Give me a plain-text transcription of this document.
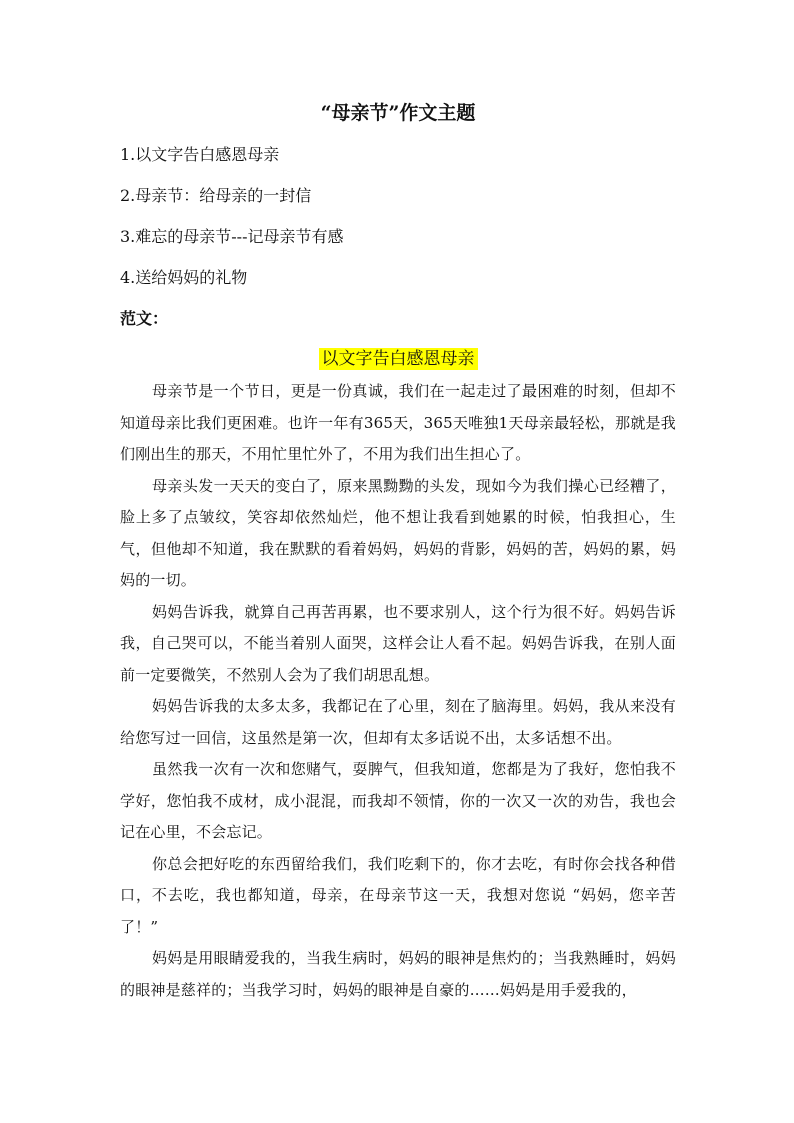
“母亲节”作文主题
1.以文字告白感恩母亲
2.母亲节：给母亲的一封信
3.难忘的母亲节---记母亲节有感
4.送给妈妈的礼物
范文：
以文字告白感恩母亲

母亲节是一个节日，更是一份真诚，我们在一起走过了最困难的时刻，但却不知道母亲比我们更困难。也许一年有365天，365天唯独1天母亲最轻松，那就是我们刚出生的那天，不用忙里忙外了，不用为我们出生担心了。

母亲头发一天天的变白了，原来黑黝黝的头发，现如今为我们操心已经糟了，脸上多了点皱纹，笑容却依然灿烂，他不想让我看到她累的时候，怕我担心，生气，但他却不知道，我在默默的看着妈妈，妈妈的背影，妈妈的苦，妈妈的累，妈妈的一切。

妈妈告诉我，就算自己再苦再累，也不要求别人，这个行为很不好。妈妈告诉我，自己哭可以，不能当着别人面哭，这样会让人看不起。妈妈告诉我，在别人面前一定要微笑，不然别人会为了我们胡思乱想。

妈妈告诉我的太多太多，我都记在了心里，刻在了脑海里。妈妈，我从来没有给您写过一回信，这虽然是第一次，但却有太多话说不出，太多话想不出。

虽然我一次有一次和您赌气，耍脾气，但我知道，您都是为了我好，您怕我不学好，您怕我不成材，成小混混，而我却不领情，你的一次又一次的劝告，我也会记在心里，不会忘记。

你总会把好吃的东西留给我们，我们吃剩下的，你才去吃，有时你会找各种借口，不去吃，我也都知道，母亲，在母亲节这一天，我想对您说 “妈妈，您辛苦了！”

妈妈是用眼睛爱我的，当我生病时，妈妈的眼神是焦灼的；当我熟睡时，妈妈的眼神是慈祥的；当我学习时，妈妈的眼神是自豪的……妈妈是用手爱我的，
